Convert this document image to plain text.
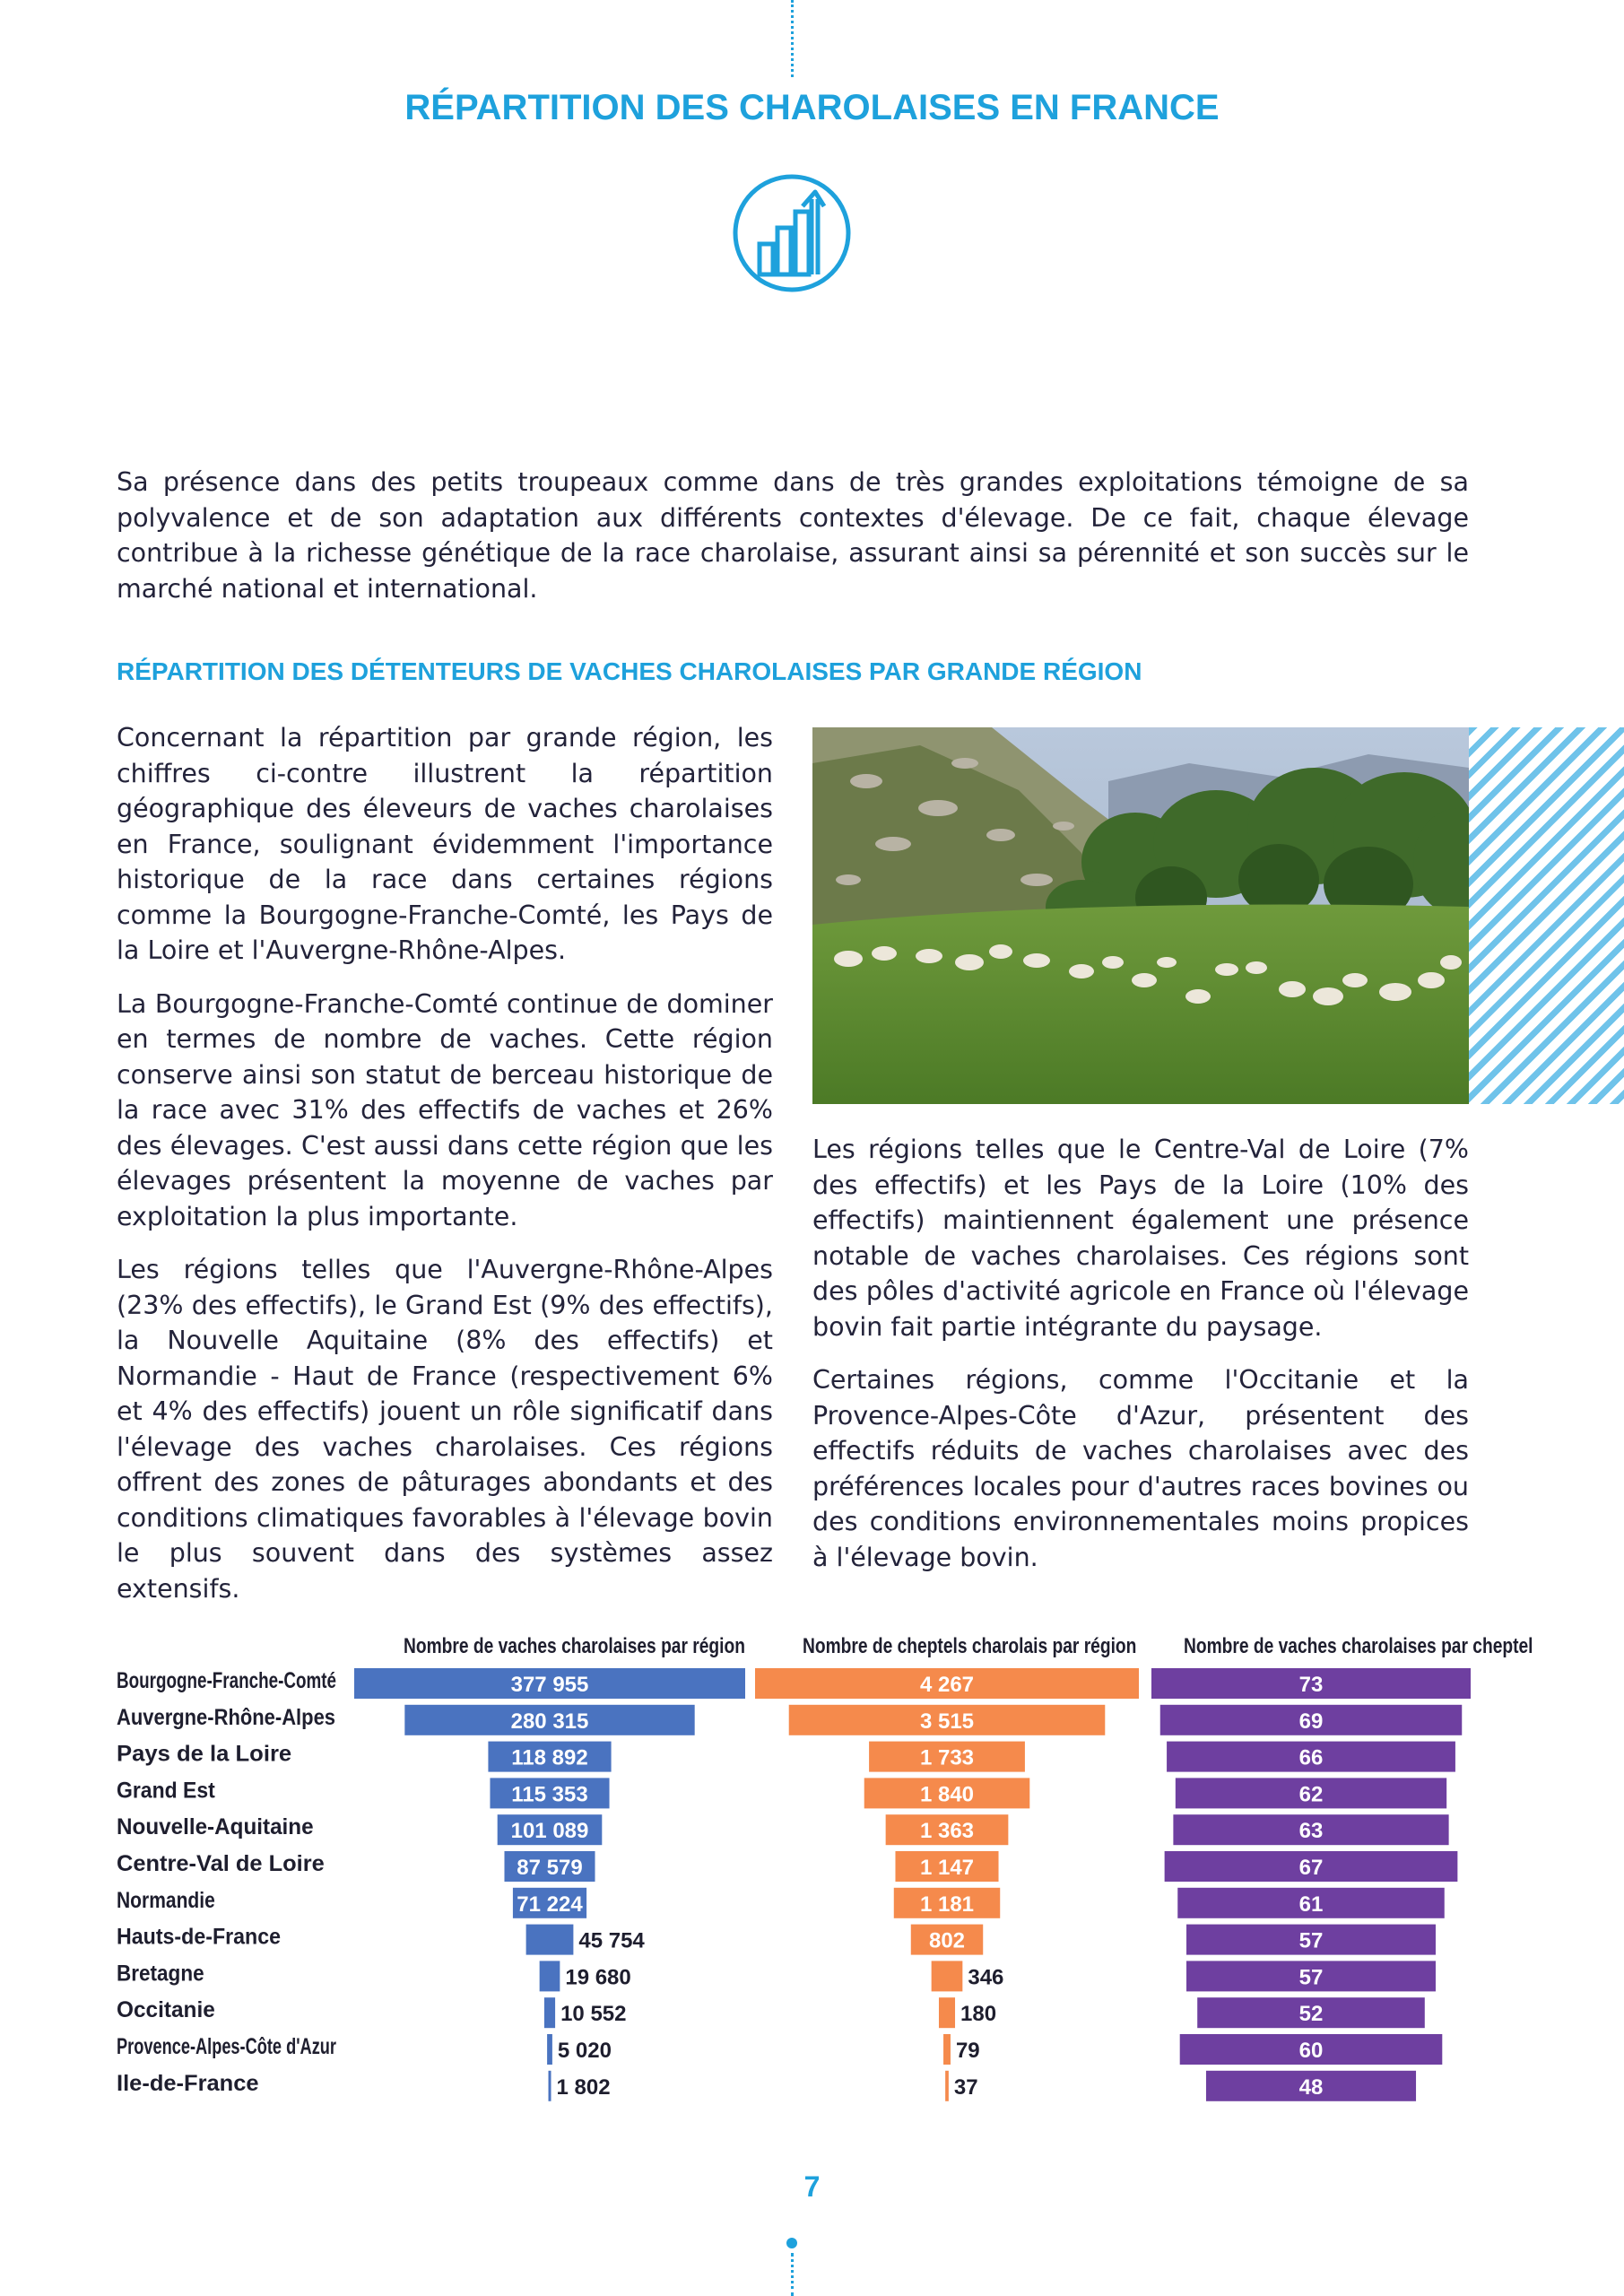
RÉPARTITION DES CHAROLAISES EN FRANCE

Sa présence dans des petits troupeaux comme dans de très grandes exploitations témoigne de sa polyvalence et de son adaptation aux différents contextes d'élevage. De ce fait, chaque élevage contribue à la richesse génétique de la race charolaise, assurant ainsi sa pérennité et son succès sur le marché national et international.

RÉPARTITION DES DÉTENTEURS DE VACHES CHAROLAISES PAR GRANDE RÉGION

Concernant la répartition par grande région, les chiffres ci-contre illustrent la répartition géographique des éleveurs de vaches charolaises en France, soulignant évidemment l'importance historique de la race dans certaines régions comme la Bourgogne-Franche-Comté, les Pays de la Loire et l'Auvergne-Rhône-Alpes.

La Bourgogne-Franche-Comté continue de dominer en termes de nombre de vaches. Cette région conserve ainsi son statut de berceau historique de la race avec 31% des effectifs de vaches et 26% des élevages. C'est aussi dans cette région que les élevages présentent la moyenne de vaches par exploitation la plus importante.

Les régions telles que l'Auvergne-Rhône-Alpes (23% des effectifs), le Grand Est (9% des effectifs), la Nouvelle Aquitaine (8% des effectifs) et Normandie - Haut de France (respectivement 6% et 4% des effectifs) jouent un rôle significatif dans l'élevage des vaches charolaises. Ces régions offrent des zones de pâturages abondants et des conditions climatiques favorables à l'élevage bovin le plus souvent dans des systèmes assez extensifs.

Les régions telles que le Centre-Val de Loire (7% des effectifs) et les Pays de la Loire (10% des effectifs) maintiennent également une présence notable de vaches charolaises. Ces régions sont des pôles d'activité agricole en France où l'élevage bovin fait partie intégrante du paysage.

Certaines régions, comme l'Occitanie et la Provence-Alpes-Côte d'Azur, présentent des effectifs réduits de vaches charolaises avec des préférences locales pour d'autres races bovines ou des conditions environnementales moins propices à l'élevage bovin.

Nombre de vaches charolaises par région	Nombre de cheptels charolais par région Nombre de vaches charolaises par cheptel
Bourgogne-Franche-Comté
Auvergne-Rhône-Alpes
Pays de la Loire
Grand Est
Nouvelle-Aquitaine
Centre-Val de Loire
Normandie
Hauts-de-France
Bretagne
Occitanie
Provence-Alpes-Côte d'Azur
Ile-de-France
377 955
280 315
118 892
115 353
101 089
87 579
71 224
45 754
19 680
10 552
5 020
1 802
4 267
3 515
1 733
1 840
1 363
1 147
1 181
802
346
180
79
37
73
69
66
62
63
67
61
57
57
52
60
48

7
